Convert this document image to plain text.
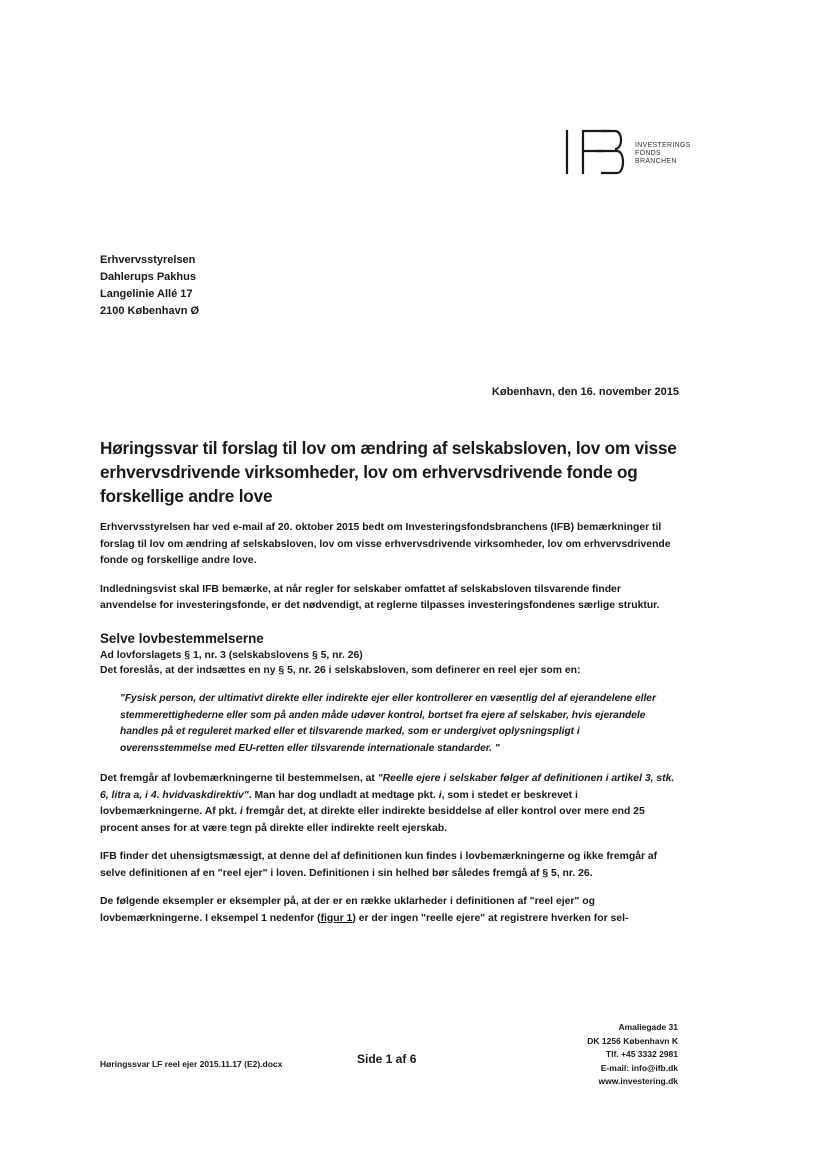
INVESTERINGS
FONDS
BRANCHEN
Erhvervsstyrelsen
Dahlerups Pakhus
Langelinie Allé 17
2100 København Ø
København, den 16. november 2015
Høringssvar til forslag til lov om ændring af selskabsloven, lov om visse erhvervsdrivende virksomheder, lov om erhvervsdrivende fonde og forskellige andre love

Erhvervsstyrelsen har ved e-mail af 20. oktober 2015 bedt om Investeringsfondsbranchens (IFB) bemærkninger til forslag til lov om ændring af selskabsloven, lov om visse erhvervsdrivende virksomheder, lov om erhvervsdrivende fonde og forskellige andre love.

Indledningsvist skal IFB bemærke, at når regler for selskaber omfattet af selskabsloven tilsvarende finder anvendelse for investeringsfonde, er det nødvendigt, at reglerne tilpasses investeringsfondenes særlige struktur.

Selve lovbestemmelserne
Ad lovforslagets § 1, nr. 3 (selskabslovens § 5, nr. 26)

Det foreslås, at der indsættes en ny § 5, nr. 26 i selskabsloven, som definerer en reel ejer som en:

"Fysisk person, der ultimativt direkte eller indirekte ejer eller kontrollerer en væsentlig del af ejerandelene eller stemmerettighederne eller som på anden måde udøver kontrol, bortset fra ejere af selskaber, hvis ejerandele handles på et reguleret marked eller et tilsvarende marked, som er undergivet oplysningspligt i overensstemmelse med EU-retten eller tilsvarende internationale standarder. "

Det fremgår af lovbemærkningerne til bestemmelsen, at "Reelle ejere i selskaber følger af definitionen i artikel 3, stk. 6, litra a, i 4. hvidvaskdirektiv". Man har dog undladt at medtage pkt. i, som i stedet er beskrevet i lovbemærkningerne. Af pkt. i fremgår det, at direkte eller indirekte besiddelse af eller kontrol over mere end 25 procent anses for at være tegn på direkte eller indirekte reelt ejerskab.

IFB finder det uhensigtsmæssigt, at denne del af definitionen kun findes i lovbemærkningerne og ikke fremgår af selve definitionen af en "reel ejer" i loven. Definitionen i sin helhed bør således fremgå af § 5, nr. 26.

De følgende eksempler er eksempler på, at der er en række uklarheder i definitionen af "reel ejer" og lovbemærkningerne. I eksempel 1 nedenfor (figur 1) er der ingen "reelle ejere" at registrere hverken for sel-

Høringssvar LF reel ejer 2015.11.17 (E2).docx	Side 1 af 6
Amaliegade 31
DK 1256 København K
Tlf. +45 3332 2981
E-mail: info@ifb.dk
www.investering.dk
